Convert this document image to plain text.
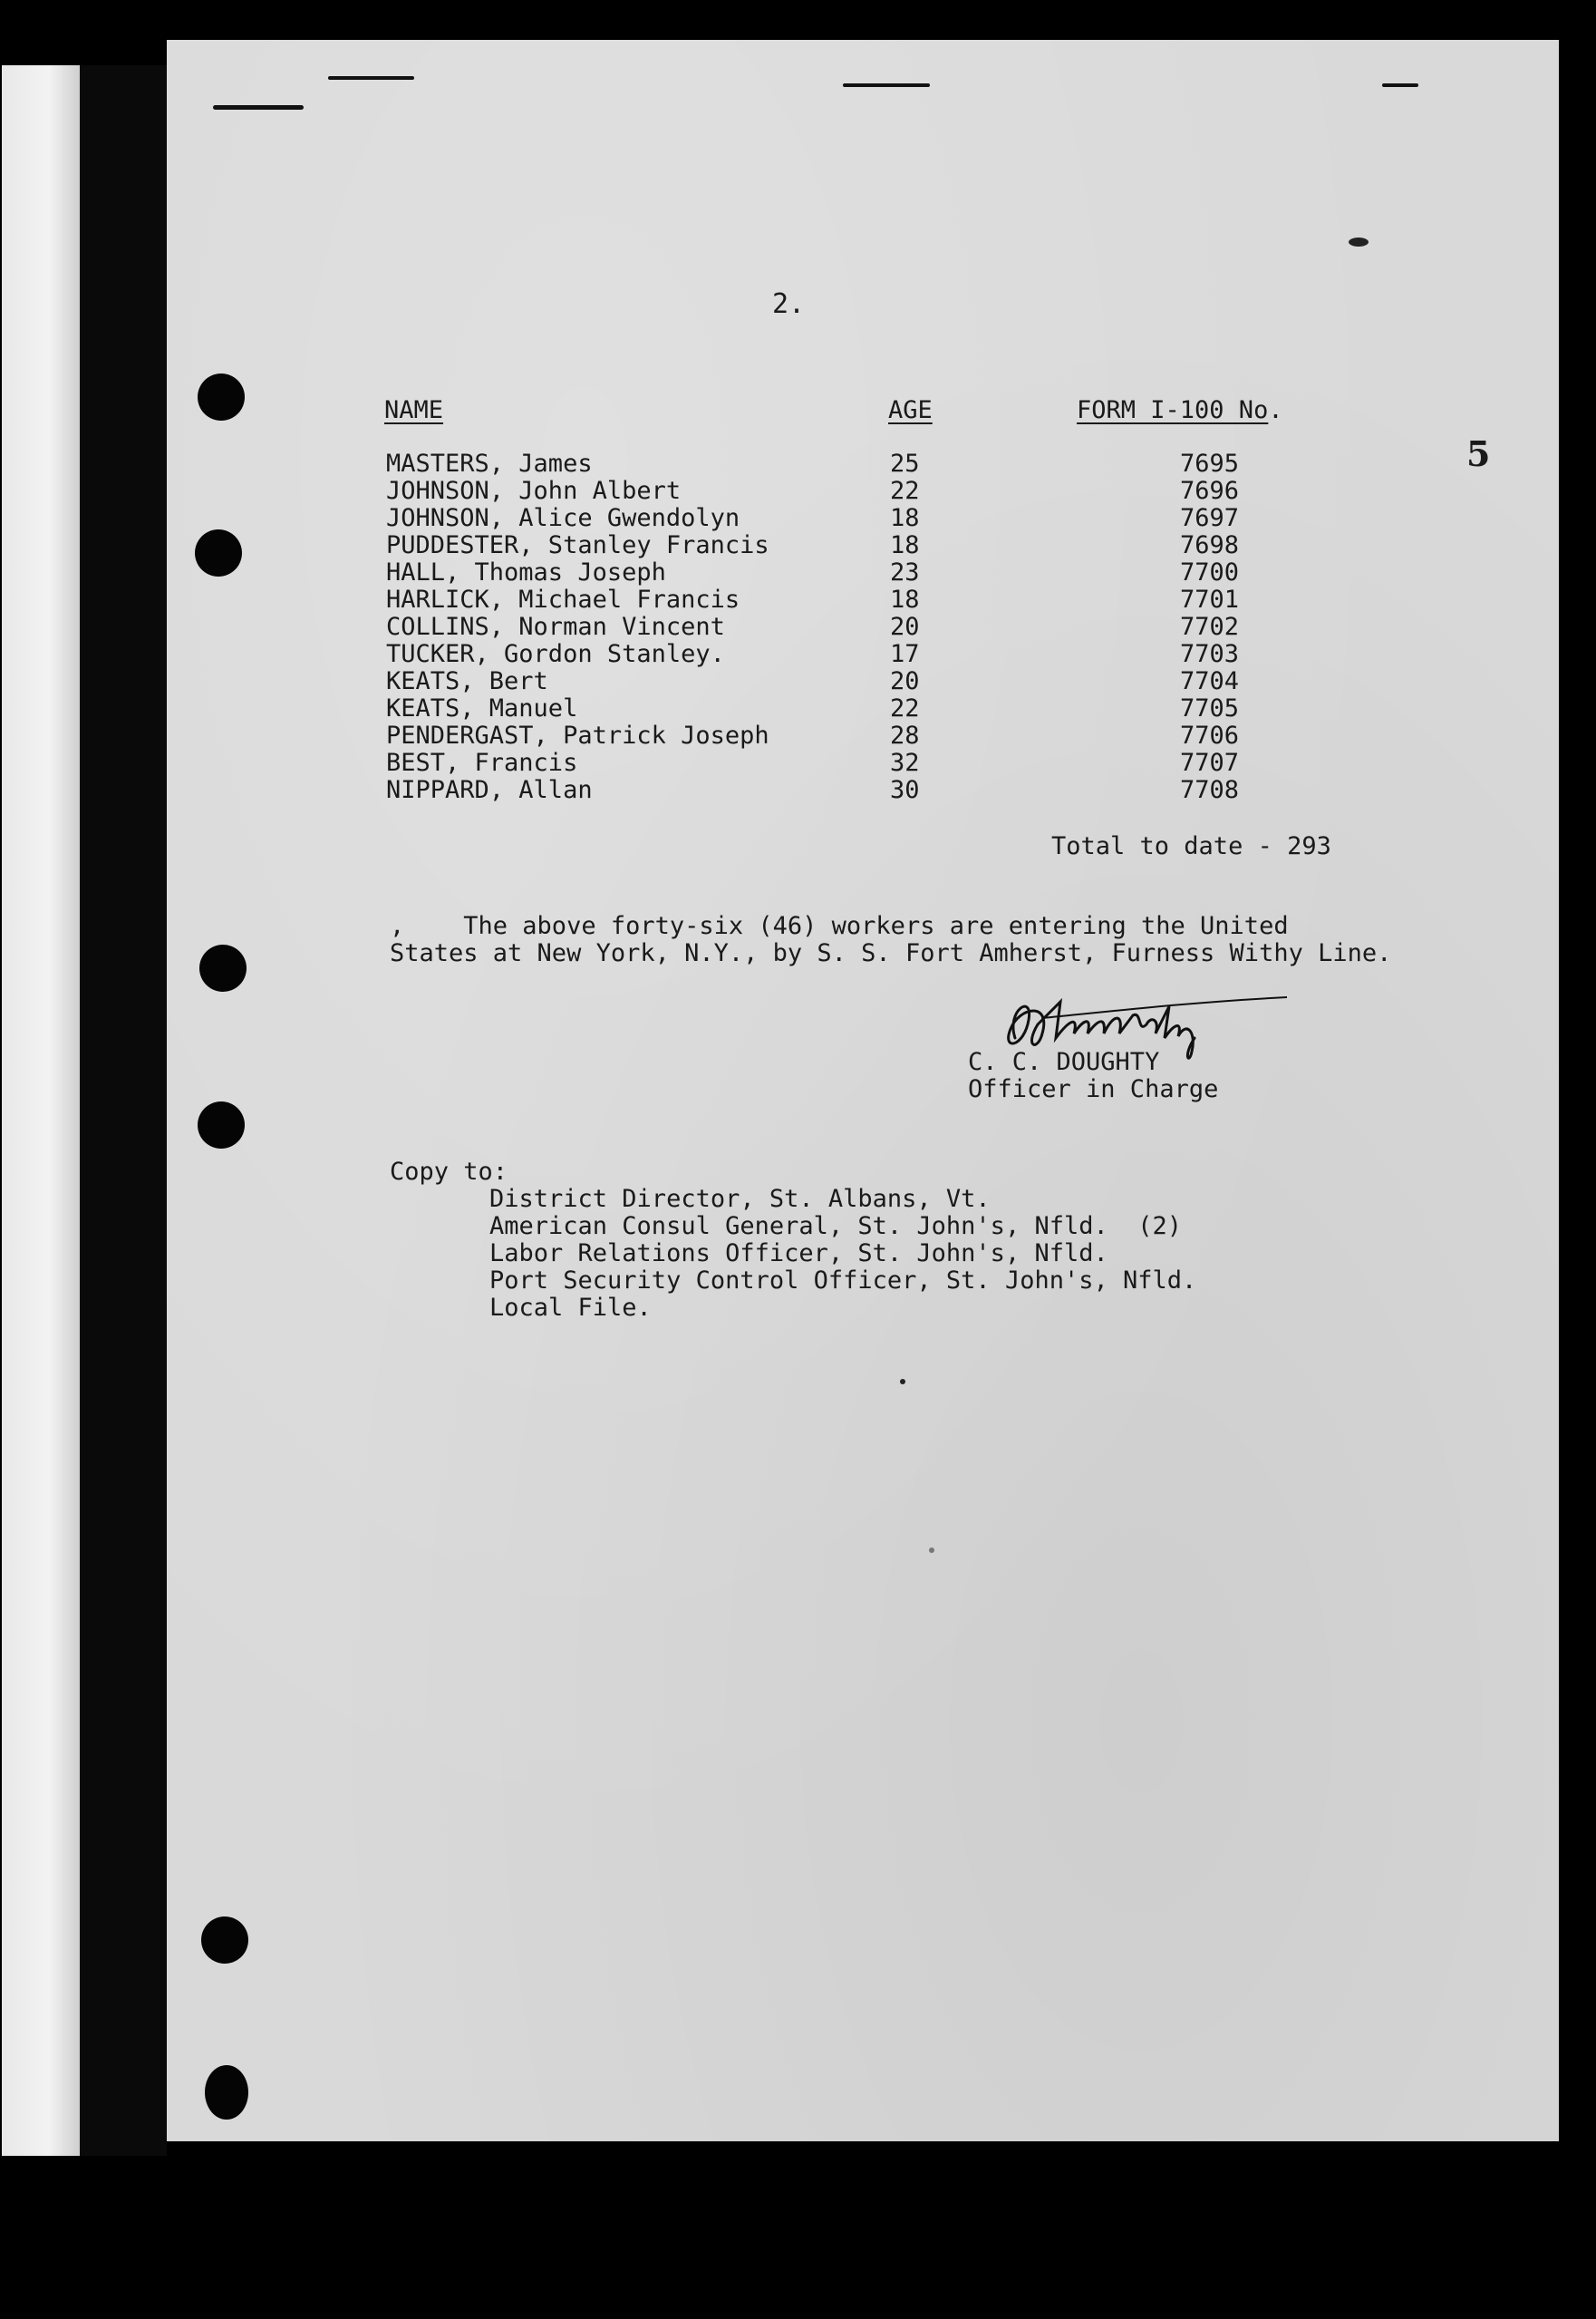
2.
5
NAME	AGE	FORM I-100 No.
MASTERS, James	25	7695
JOHNSON, John Albert	22	7696
JOHNSON, Alice Gwendolyn	18	7697
PUDDESTER, Stanley Francis	18	7698
HALL, Thomas Joseph	23	7700
HARLICK, Michael Francis	18	7701
COLLINS, Norman Vincent	20	7702
TUCKER, Gordon Stanley.	17	7703
KEATS, Bert	20	7704
KEATS, Manuel	22	7705
PENDERGAST, Patrick Joseph	28	7706
BEST, Francis	32	7707
NIPPARD, Allan	30	7708
Total to date - 293
,    The above forty-six (46) workers are entering the United
States at New York, N.Y., by S. S. Fort Amherst, Furness Withy Line.
C. C. DOUGHTY
Officer in Charge
Copy to:
District Director, St. Albans, Vt.
American Consul General, St. John's, Nfld.  (2)
Labor Relations Officer, St. John's, Nfld.
Port Security Control Officer, St. John's, Nfld.
Local File.
